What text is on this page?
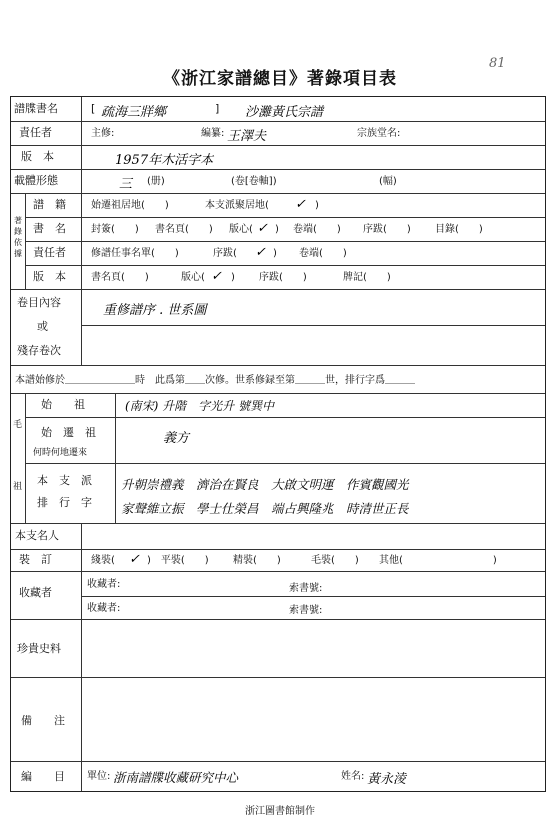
81
《浙江家譜總目》著錄項目表
譜牒書名	[ 疏海三牂鄉	] 沙灘黃氏宗譜
責任者	主修:	編纂: 王澤夫	宗族堂名:
版　本	1957年木活字本
載體形態	三 (册)	(卷[卷軸])	(幅)
著錄依據
譜　籍	始遷祖居地(　　)	本支派聚居地( ✓ )
書　名	封簽(　　) 書名頁(　　) 版心( ✓ ) 卷端(　　) 序跋(　　) 目錄(　　)
責任者	修譜任事名單(　　)	序跋( ✓ ) 卷端(　　)
版　本	書名頁(　　)	版心( ✓ ) 序跋(　　)	牌記(　　)
卷目內容
或
殘存卷次
重修譜序 . 世系圖
本譜始修於＿＿＿＿＿＿＿時　此爲第＿＿次修。世系修録至第＿＿＿世，排行字爲＿＿＿
毛
祖
始　　祖	(南宋) 升階　字光升 號巽中
始　遷　祖
何時何地遷來
義方
本　支　派
排　行　字
升朝崇禮義　濟治在賢良　大啟文明運　作賓觀國光
家聲維立振　學士仕榮昌　端占興隆兆　時清世正長
本支名人
裝　訂	綫裝( ✓ )　平裝(　　) 精裝(　　)	毛裝(　　) 其他(　　　　　　　　　)
收藏者
收藏者:	索書號:
收藏者:	索書號:
珍貴史料
備　　注
編　　目 單位: 浙南譜牒收藏研究中心	姓名: 黃永淩
浙江圖書館制作
